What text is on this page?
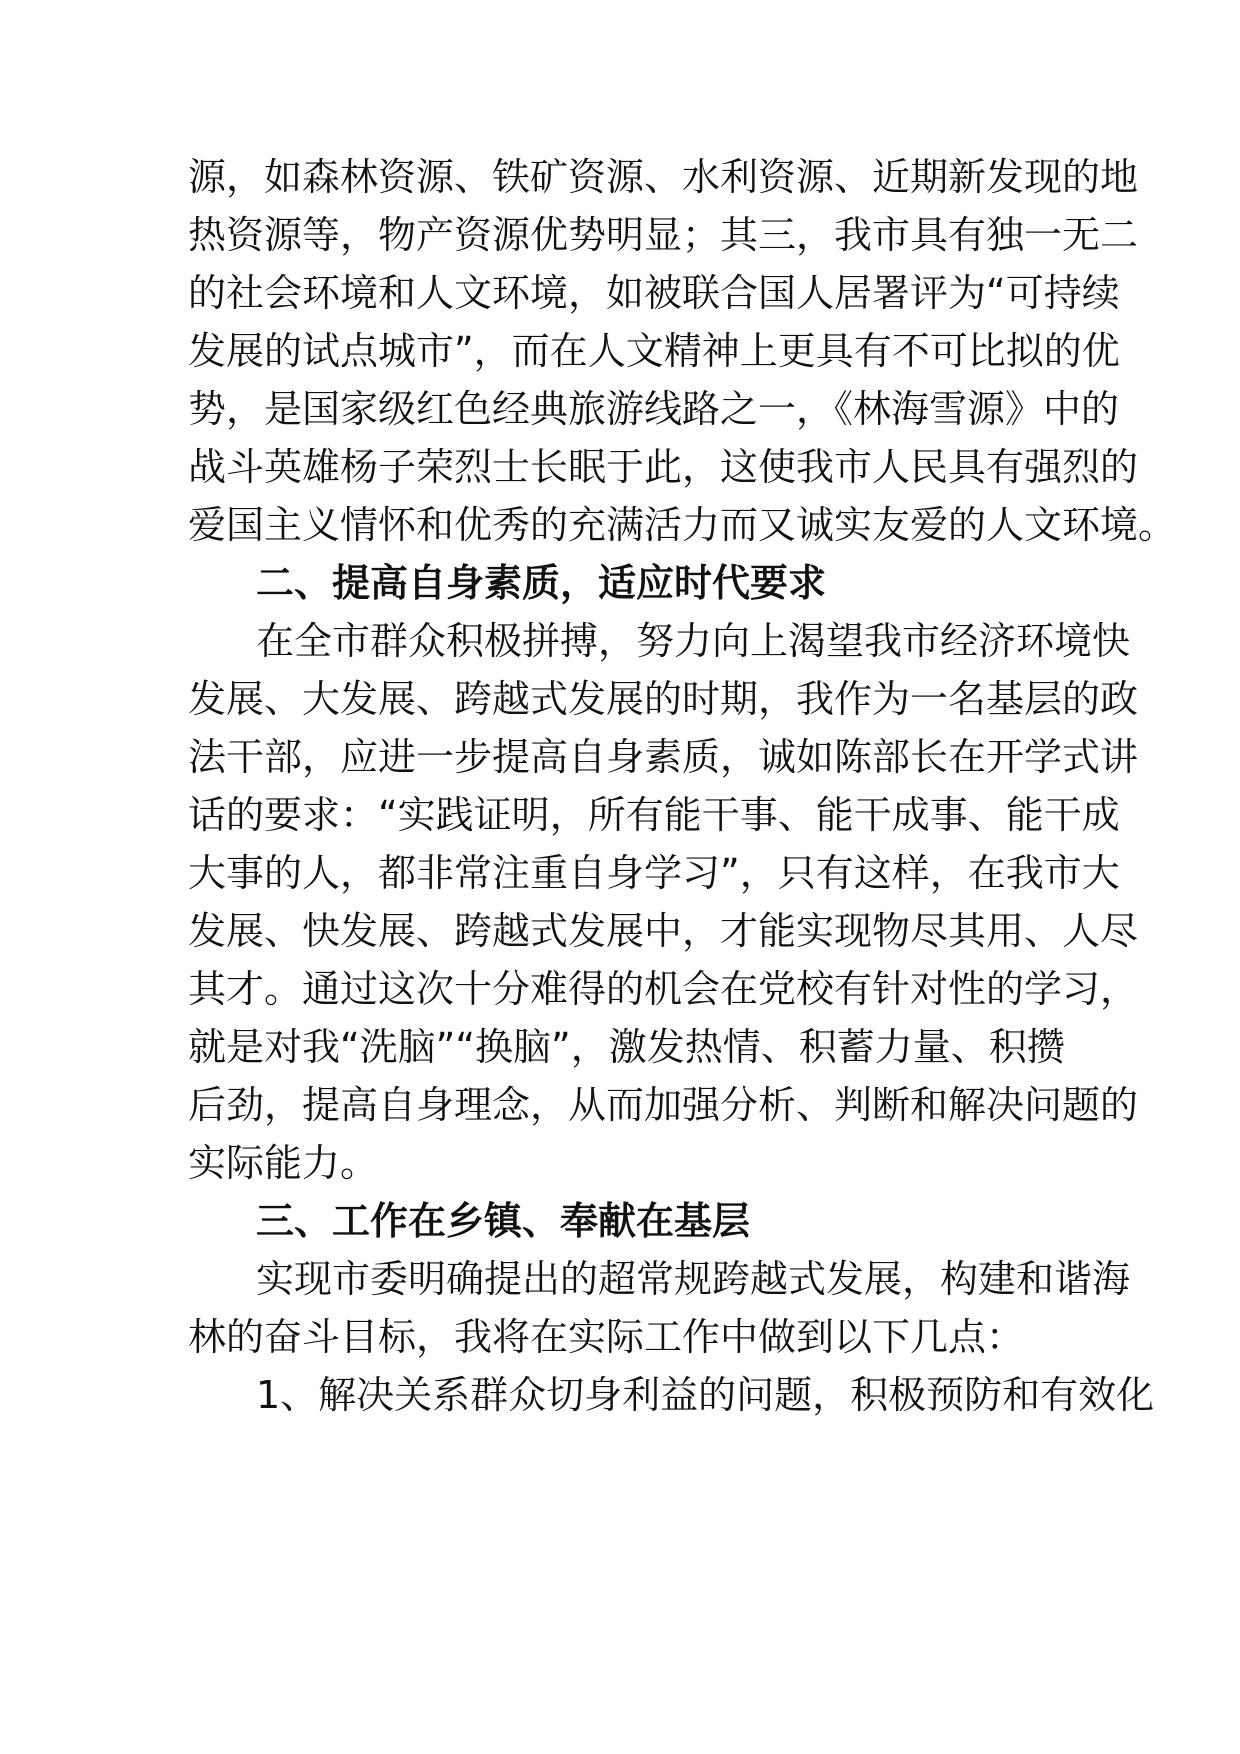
源，如森林资源、铁矿资源、水利资源、近期新发现的地
热资源等，物产资源优势明显；其三，我市具有独一无二
的社会环境和人文环境，如被联合国人居署评为“可持续
发展的试点城市”，而在人文精神上更具有不可比拟的优
势，是国家级红色经典旅游线路之一，《林海雪源》中的
战斗英雄杨子荣烈士长眠于此，这使我市人民具有强烈的
爱国主义情怀和优秀的充满活力而又诚实友爱的人文环境。
二、提高自身素质，适应时代要求
在全市群众积极拼搏，努力向上渴望我市经济环境快
发展、大发展、跨越式发展的时期，我作为一名基层的政
法干部，应进一步提高自身素质，诚如陈部长在开学式讲
话的要求：“实践证明，所有能干事、能干成事、能干成
大事的人，都非常注重自身学习”，只有这样，在我市大
发展、快发展、跨越式发展中，才能实现物尽其用、人尽
其才。通过这次十分难得的机会在党校有针对性的学习，
就是对我“洗脑”“换脑”，激发热情、积蓄力量、积攒
后劲，提高自身理念，从而加强分析、判断和解决问题的
实际能力。
三、工作在乡镇、奉献在基层
实现市委明确提出的超常规跨越式发展，构建和谐海
林的奋斗目标，我将在实际工作中做到以下几点：
1、解决关系群众切身利益的问题，积极预防和有效化
